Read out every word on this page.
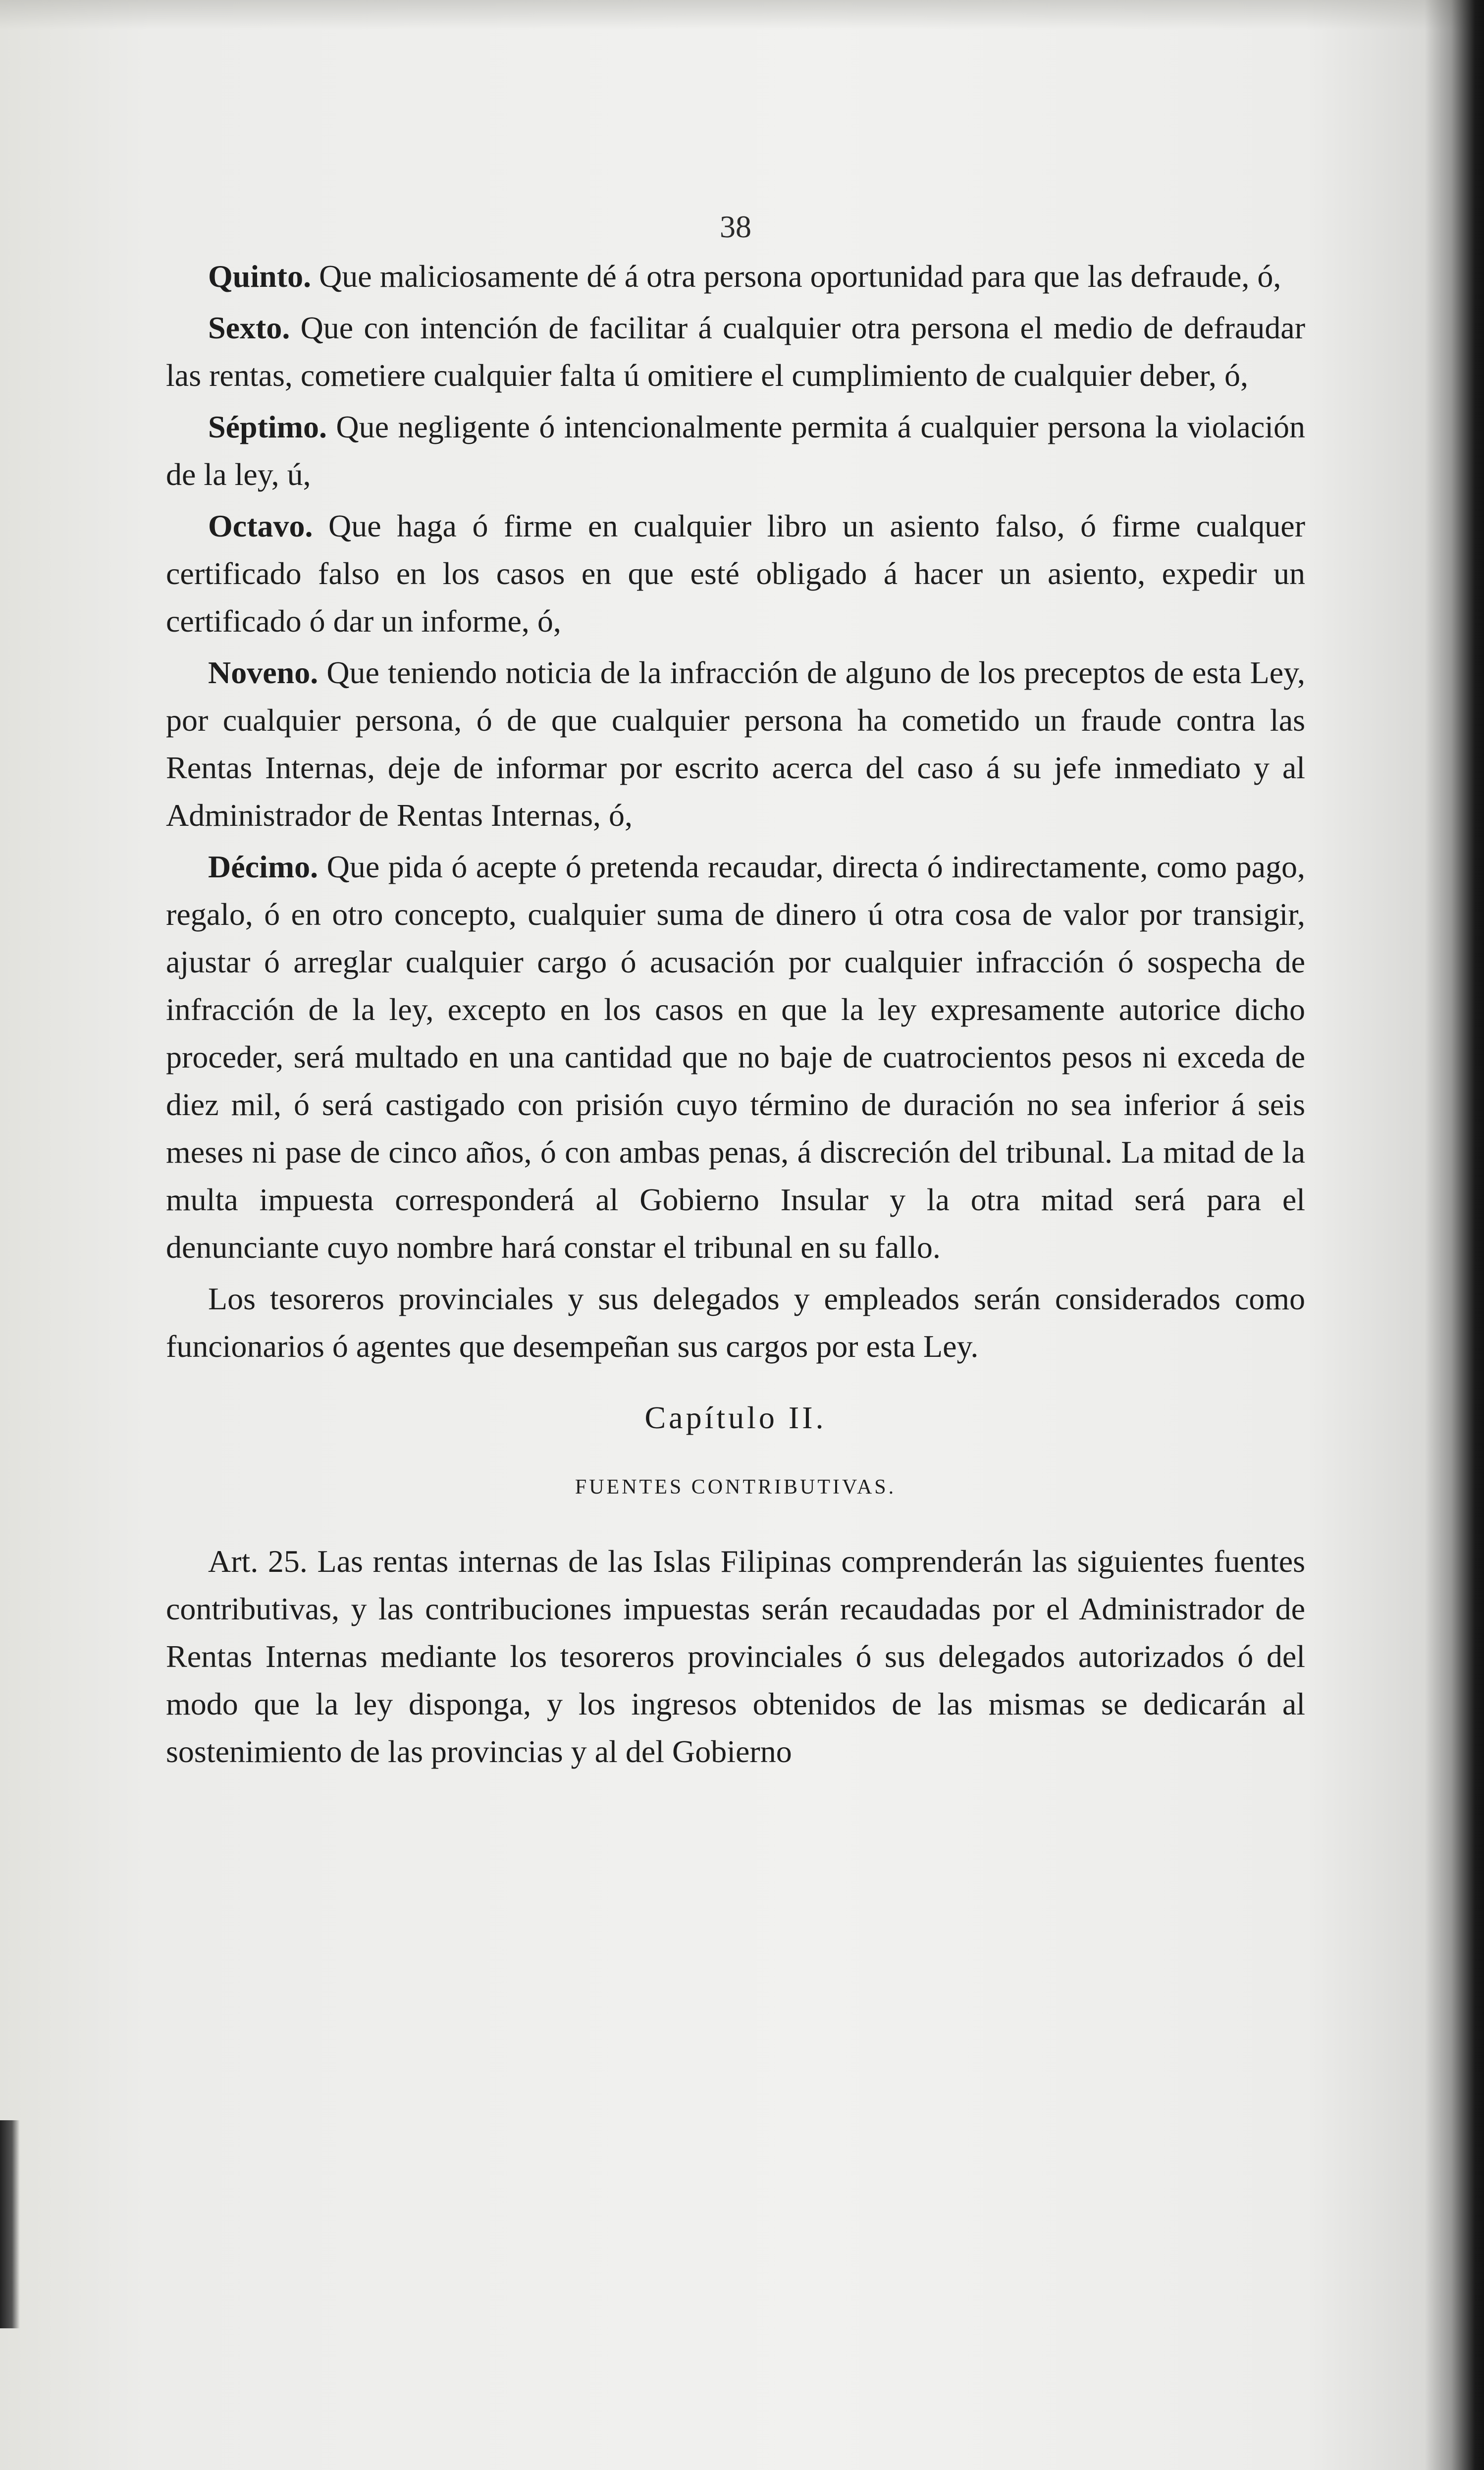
38

Quinto. Que maliciosamente dé á otra persona oportunidad para que las defraude, ó,

Sexto. Que con intención de facilitar á cualquier otra persona el medio de defraudar las rentas, cometiere cualquier falta ú omitiere el cumplimiento de cualquier deber, ó,

Séptimo. Que negligente ó intencionalmente permita á cualquier persona la violación de la ley, ú,

Octavo. Que haga ó firme en cualquier libro un asiento falso, ó firme cualquer certificado falso en los casos en que esté obligado á hacer un asiento, expedir un certificado ó dar un informe, ó,

Noveno. Que teniendo noticia de la infracción de alguno de los preceptos de esta Ley, por cualquier persona, ó de que cualquier persona ha cometido un fraude contra las Rentas Internas, deje de informar por escrito acerca del caso á su jefe inmediato y al Administrador de Rentas Internas, ó,

Décimo. Que pida ó acepte ó pretenda recaudar, directa ó indirectamente, como pago, regalo, ó en otro concepto, cualquier suma de dinero ú otra cosa de valor por transigir, ajustar ó arreglar cualquier cargo ó acusación por cualquier infracción ó sospecha de infracción de la ley, excepto en los casos en que la ley expresamente autorice dicho proceder, será multado en una cantidad que no baje de cuatrocientos pesos ni exceda de diez mil, ó será castigado con prisión cuyo término de duración no sea inferior á seis meses ni pase de cinco años, ó con ambas penas, á discreción del tribunal. La mitad de la multa impuesta corresponderá al Gobierno Insular y la otra mitad será para el denunciante cuyo nombre hará constar el tribunal en su fallo.

Los tesoreros provinciales y sus delegados y empleados serán considerados como funcionarios ó agentes que desempeñan sus cargos por esta Ley.

Capítulo II.
FUENTES CONTRIBUTIVAS.

Art. 25. Las rentas internas de las Islas Filipinas comprenderán las siguientes fuentes contributivas, y las contribuciones impuestas serán recaudadas por el Administrador de Rentas Internas mediante los tesoreros provinciales ó sus delegados autorizados ó del modo que la ley disponga, y los ingresos obtenidos de las mismas se dedicarán al sostenimiento de las provincias y al del Gobierno
